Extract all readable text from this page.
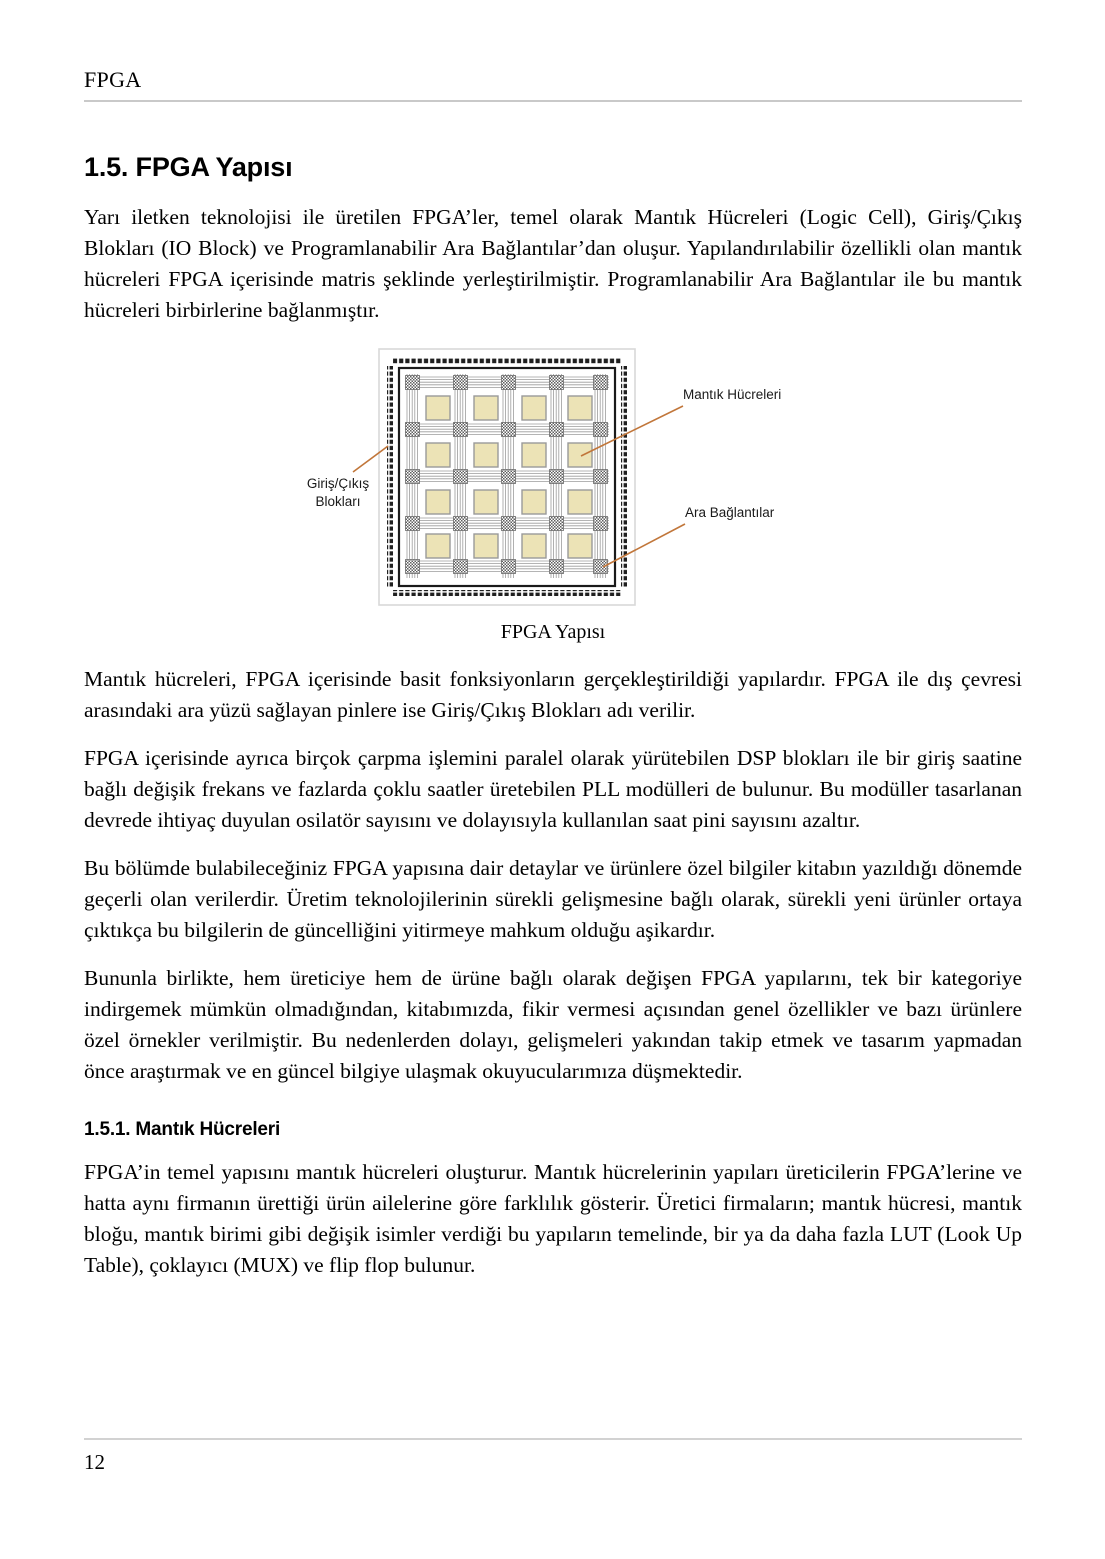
FPGA
1.5. FPGA Yapısı

Yarı iletken teknolojisi ile üretilen FPGA’ler, temel olarak Mantık Hücreleri (Logic Cell), Giriş/Çıkış Blokları (IO Block) ve Programlanabilir Ara Bağlantılar’dan oluşur. Yapılandırılabilir özellikli olan mantık hücreleri FPGA içerisinde matris şeklinde yerleştirilmiştir. Programlanabilir Ara Bağlantılar ile bu mantık hücreleri birbirlerine bağlanmıştır.

Mantık Hücreleri
Ara Bağlantılar
Giriş/Çıkış
Blokları
FPGA Yapısı

Mantık hücreleri, FPGA içerisinde basit fonksiyonların gerçekleştirildiği yapılardır. FPGA ile dış çevresi arasındaki ara yüzü sağlayan pinlere ise Giriş/Çıkış Blokları adı verilir.

FPGA içerisinde ayrıca birçok çarpma işlemini paralel olarak yürütebilen DSP blokları ile bir giriş saatine bağlı değişik frekans ve fazlarda çoklu saatler üretebilen PLL modülleri de bulunur. Bu modüller tasarlanan devrede ihtiyaç duyulan osilatör sayısını ve dolayısıyla kullanılan saat pini sayısını azaltır.

Bu bölümde bulabileceğiniz FPGA yapısına dair detaylar ve ürünlere özel bilgiler kitabın yazıldığı dönemde geçerli olan verilerdir. Üretim teknolojilerinin sürekli gelişmesine bağlı olarak, sürekli yeni ürünler ortaya çıktıkça bu bilgilerin de güncelliğini yitirmeye mahkum olduğu aşikardır.

Bununla birlikte, hem üreticiye hem de ürüne bağlı olarak değişen FPGA yapılarını, tek bir kategoriye indirgemek mümkün olmadığından, kitabımızda, fikir vermesi açısından genel özellikler ve bazı ürünlere özel örnekler verilmiştir. Bu nedenlerden dolayı, gelişmeleri yakından takip etmek ve tasarım yapmadan önce araştırmak ve en güncel bilgiye ulaşmak okuyucularımıza düşmektedir.

1.5.1. Mantık Hücreleri

FPGA’in temel yapısını mantık hücreleri oluşturur. Mantık hücrelerinin yapıları üreticilerin FPGA’lerine ve hatta aynı firmanın ürettiği ürün ailelerine göre farklılık gösterir. Üretici firmaların; mantık hücresi, mantık bloğu, mantık birimi gibi değişik isimler verdiği bu yapıların temelinde, bir ya da daha fazla LUT (Look Up Table), çoklayıcı (MUX) ve flip flop bulunur.

12
